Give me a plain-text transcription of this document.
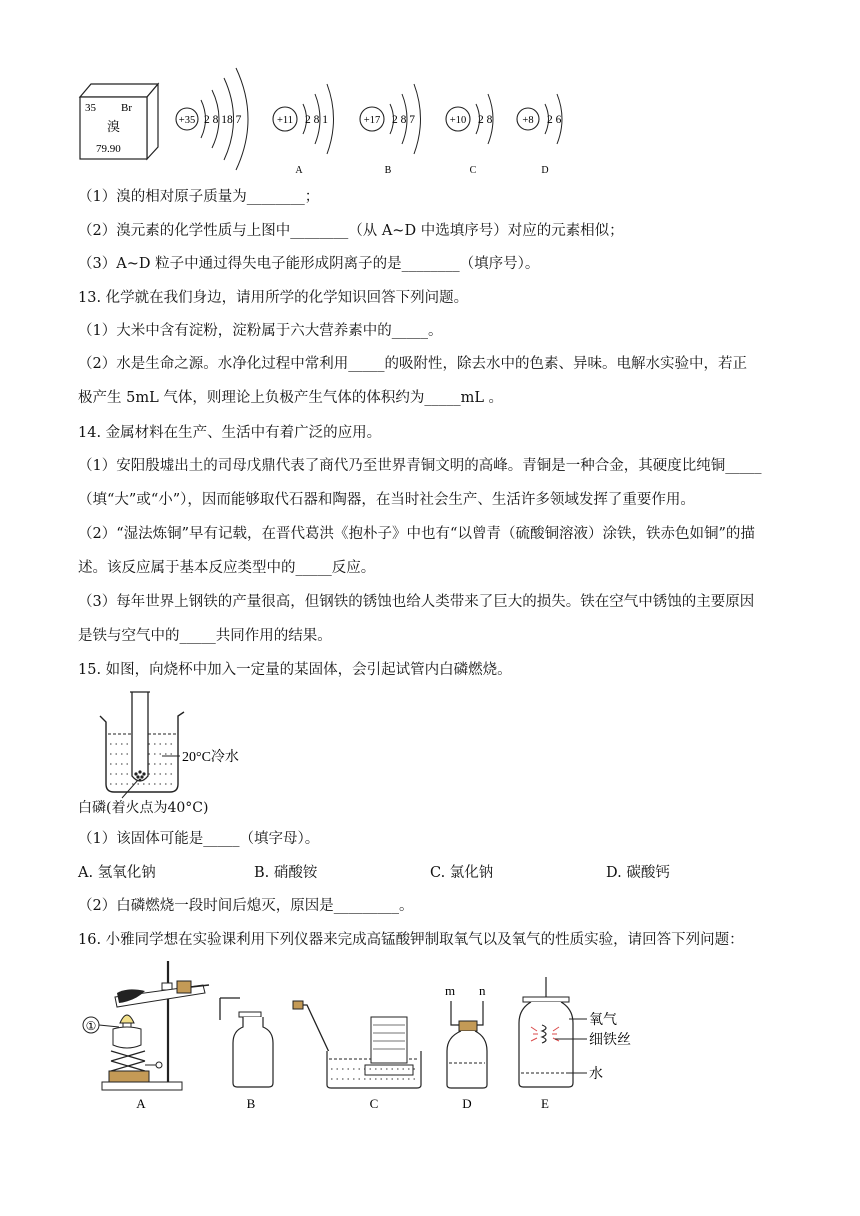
35 Br
溴
79.90
+35 2 8 18 7	+11 2 8 1
A
+17 2 8 7
B
+10 2 8
C
+8 2 6
D
（1）溴的相对原子质量为________；
（2）溴元素的化学性质与上图中________（从 A~D 中选填序号）对应的元素相似；
（3）A~D 粒子中通过得失电子能形成阴离子的是________（填序号）。
13. 化学就在我们身边，请用所学的化学知识回答下列问题。
（1）大米中含有淀粉，淀粉属于六大营养素中的_____。
（2）水是生命之源。水净化过程中常利用_____的吸附性，除去水中的色素、异味。电解水实验中，若正
极产生 5mL 气体，则理论上负极产生气体的体积约为_____mL 。
14. 金属材料在生产、生活中有着广泛的应用。
（1）安阳殷墟出土的司母戊鼎代表了商代乃至世界青铜文明的高峰。青铜是一种合金，其硬度比纯铜_____
（填“大”或“小”），因而能够取代石器和陶器，在当时社会生产、生活许多领域发挥了重要作用。
（2）“湿法炼铜”早有记载，在晋代葛洪《抱朴子》中也有“以曾青（硫酸铜溶液）涂铁，铁赤色如铜”的描
述。该反应属于基本反应类型中的_____反应。
（3）每年世界上钢铁的产量很高，但钢铁的锈蚀也给人类带来了巨大的损失。铁在空气中锈蚀的主要原因
是铁与空气中的_____共同作用的结果。
15. 如图，向烧杯中加入一定量的某固体，会引起试管内白磷燃烧。
20°C冷水
白磷(着火点为40°C)
（1）该固体可能是_____（填字母）。
A. 氢氧化钠	B. 硝酸铵	C. 氯化钠	D. 碳酸钙
（2）白磷燃烧一段时间后熄灭，原因是_________。
16. 小雅同学想在实验课利用下列仪器来完成高锰酸钾制取氧气以及氧气的性质实验，请回答下列问题：
①
A	B	C
m n
D
氧气
细铁丝
水
E
